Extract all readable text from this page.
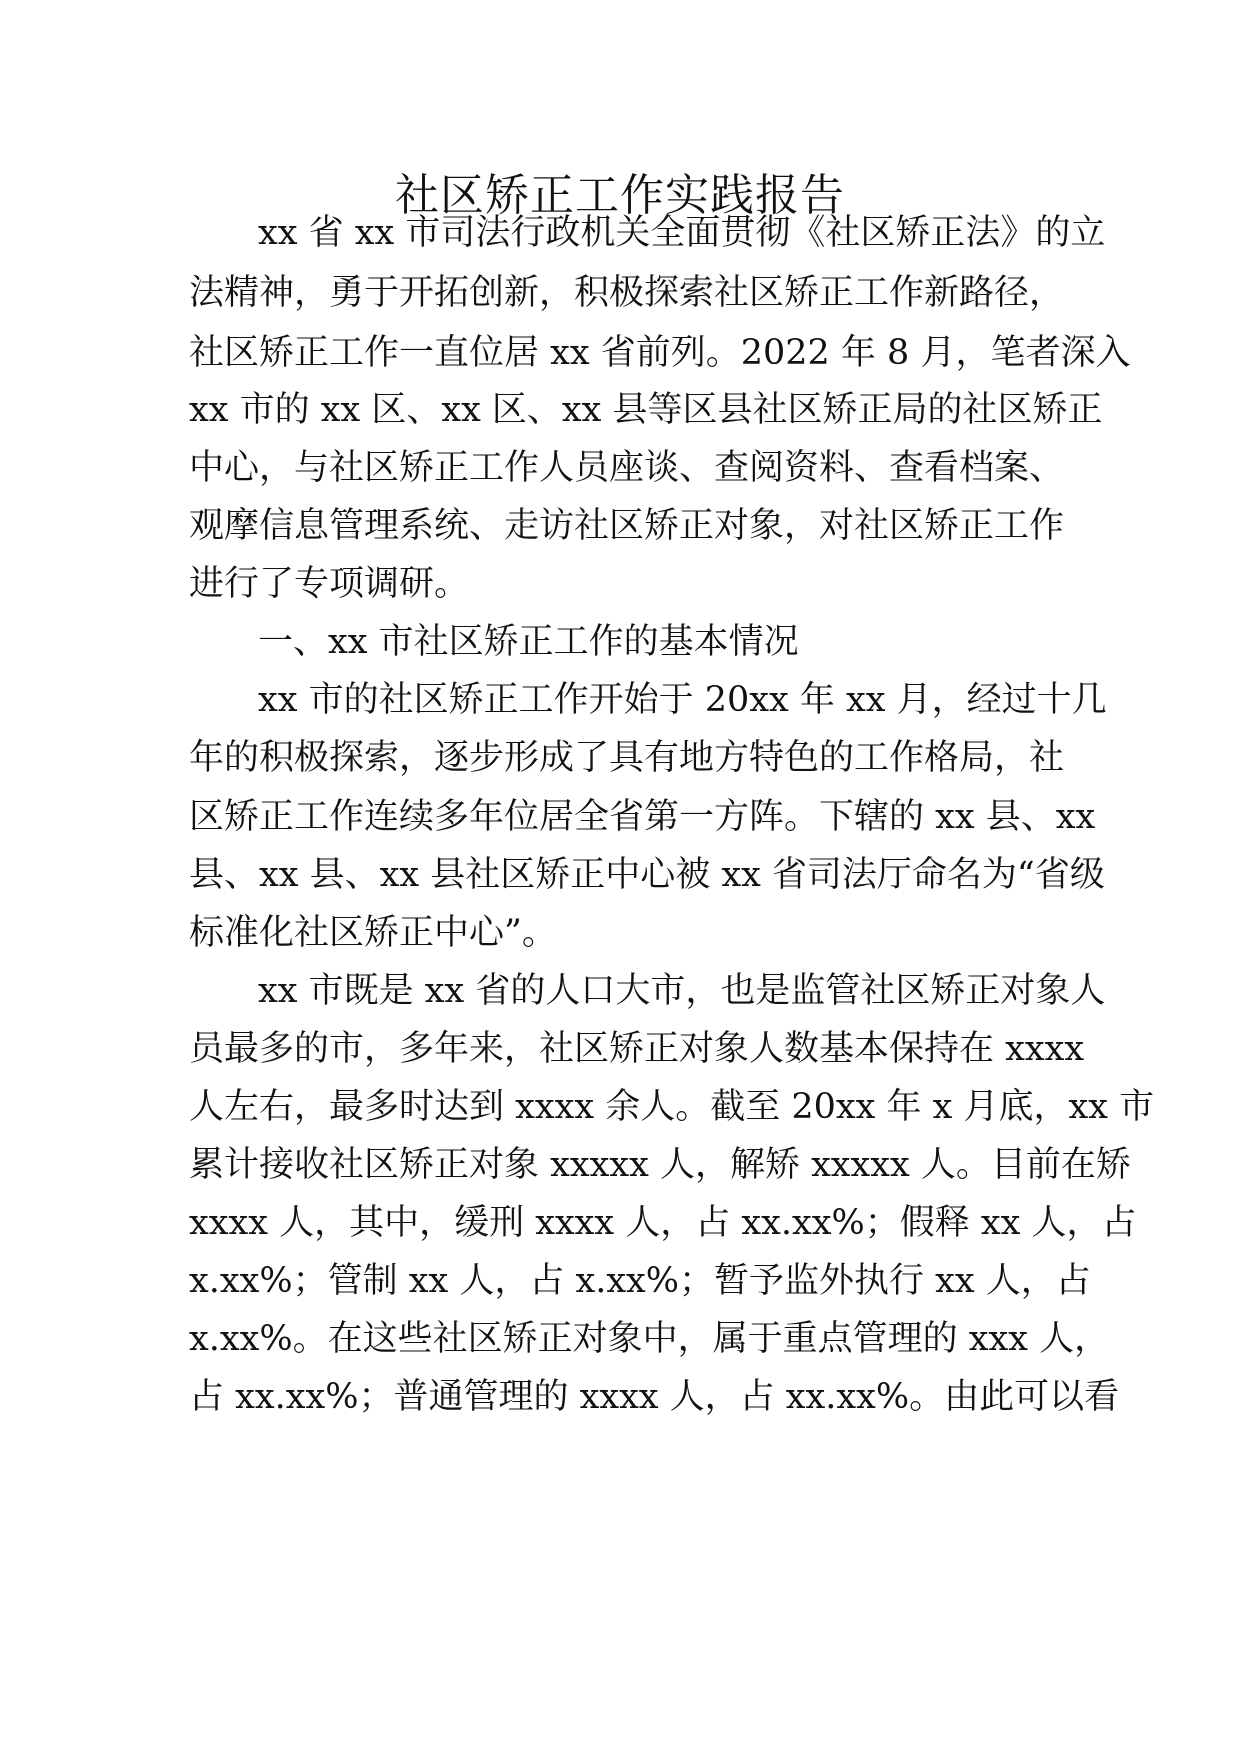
社区矫正工作实践报告

xx 省 xx 市司法行政机关全面贯彻《社区矫正法》的立

法精神，勇于开拓创新，积极探索社区矫正工作新路径，

社区矫正工作一直位居 xx 省前列。2022 年 8 月，笔者深入

xx 市的 xx 区、xx 区、xx 县等区县社区矫正局的社区矫正

中心，与社区矫正工作人员座谈、查阅资料、查看档案、

观摩信息管理系统、走访社区矫正对象，对社区矫正工作

进行了专项调研。

一、xx 市社区矫正工作的基本情况

xx 市的社区矫正工作开始于 20xx 年 xx 月，经过十几

年的积极探索，逐步形成了具有地方特色的工作格局，社

区矫正工作连续多年位居全省第一方阵。下辖的 xx 县、xx

县、xx 县、xx 县社区矫正中心被 xx 省司法厅命名为“省级

标准化社区矫正中心”。

xx 市既是 xx 省的人口大市，也是监管社区矫正对象人

员最多的市，多年来，社区矫正对象人数基本保持在 xxxx

人左右，最多时达到 xxxx 余人。截至 20xx 年 x 月底，xx 市

累计接收社区矫正对象 xxxxx 人，解矫 xxxxx 人。目前在矫

xxxx 人，其中，缓刑 xxxx 人，占 xx.xx%；假释 xx 人，占

x.xx%；管制 xx 人，占 x.xx%；暂予监外执行 xx 人，占

x.xx%。在这些社区矫正对象中，属于重点管理的 xxx 人，

占 xx.xx%；普通管理的 xxxx 人，占 xx.xx%。由此可以看
